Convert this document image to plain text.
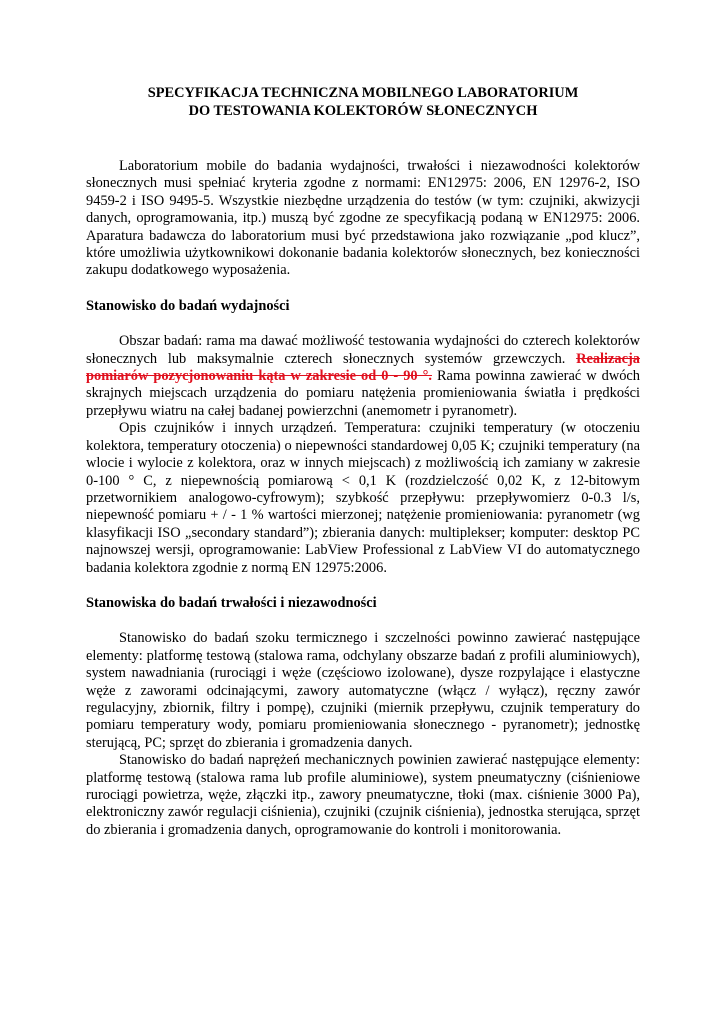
SPECYFIKACJA TECHNICZNA MOBILNEGO LABORATORIUM
DO TESTOWANIA KOLEKTORÓW SŁONECZNYCH

Laboratorium mobile do badania wydajności, trwałości i niezawodności kolektorów słonecznych musi spełniać kryteria zgodne z normami: EN12975: 2006, EN 12976-2, ISO 9459-2 i ISO 9495-5. Wszystkie niezbędne urządzenia do testów (w tym: czujniki, akwizycji danych, oprogramowania, itp.) muszą być zgodne ze specyfikacją podaną w EN12975: 2006. Aparatura badawcza do laboratorium musi być przedstawiona jako rozwiązanie „pod klucz”, które umożliwia użytkownikowi dokonanie badania kolektorów słonecznych, bez konieczności zakupu dodatkowego wyposażenia.

Stanowisko do badań wydajności

Obszar badań: rama ma dawać możliwość testowania wydajności do czterech kolektorów słonecznych lub maksymalnie czterech słonecznych systemów grzewczych. Realizacja pomiarów pozycjonowaniu kąta w zakresie od 0 - 90 °. Rama powinna zawierać w dwóch skrajnych miejscach urządzenia do pomiaru natężenia promieniowania światła i prędkości przepływu wiatru na całej badanej powierzchni (anemometr i pyranometr).

Opis czujników i innych urządzeń. Temperatura: czujniki temperatury (w otoczeniu kolektora, temperatury otoczenia) o niepewności standardowej 0,05 K; czujniki temperatury (na wlocie i wylocie z kolektora, oraz w innych miejscach) z możliwością ich zamiany w zakresie 0-100 ° C, z niepewnością pomiarową < 0,1 K (rozdzielczość 0,02 K, z 12-bitowym przetwornikiem analogowo-cyfrowym); szybkość przepływu: przepływomierz 0-0.3 l/s, niepewność pomiaru + / - 1 % wartości mierzonej; natężenie promieniowania: pyranometr (wg klasyfikacji ISO „secondary standard”); zbierania danych: multiplekser; komputer: desktop PC najnowszej wersji, oprogramowanie: LabView Professional z LabView VI do automatycznego badania kolektora zgodnie z normą EN 12975:2006.

Stanowiska do badań trwałości i niezawodności

Stanowisko do badań szoku termicznego i szczelności powinno zawierać następujące elementy: platformę testową (stalowa rama, odchylany obszarze badań z profili aluminiowych), system nawadniania (rurociągi i węże (częściowo izolowane), dysze rozpylające i elastyczne węże z zaworami odcinającymi, zawory automatyczne (włącz / wyłącz), ręczny zawór regulacyjny, zbiornik, filtry i pompę), czujniki (miernik przepływu, czujnik temperatury do pomiaru temperatury wody, pomiaru promieniowania słonecznego - pyranometr); jednostkę sterującą, PC; sprzęt do zbierania i gromadzenia danych.

Stanowisko do badań naprężeń mechanicznych powinien zawierać następujące elementy: platformę testową (stalowa rama lub profile aluminiowe), system pneumatyczny (ciśnieniowe rurociągi powietrza, węże, złączki itp., zawory pneumatyczne, tłoki (max. ciśnienie 3000 Pa), elektroniczny zawór regulacji ciśnienia), czujniki (czujnik ciśnienia), jednostka sterująca, sprzęt do zbierania i gromadzenia danych, oprogramowanie do kontroli i monitorowania.
